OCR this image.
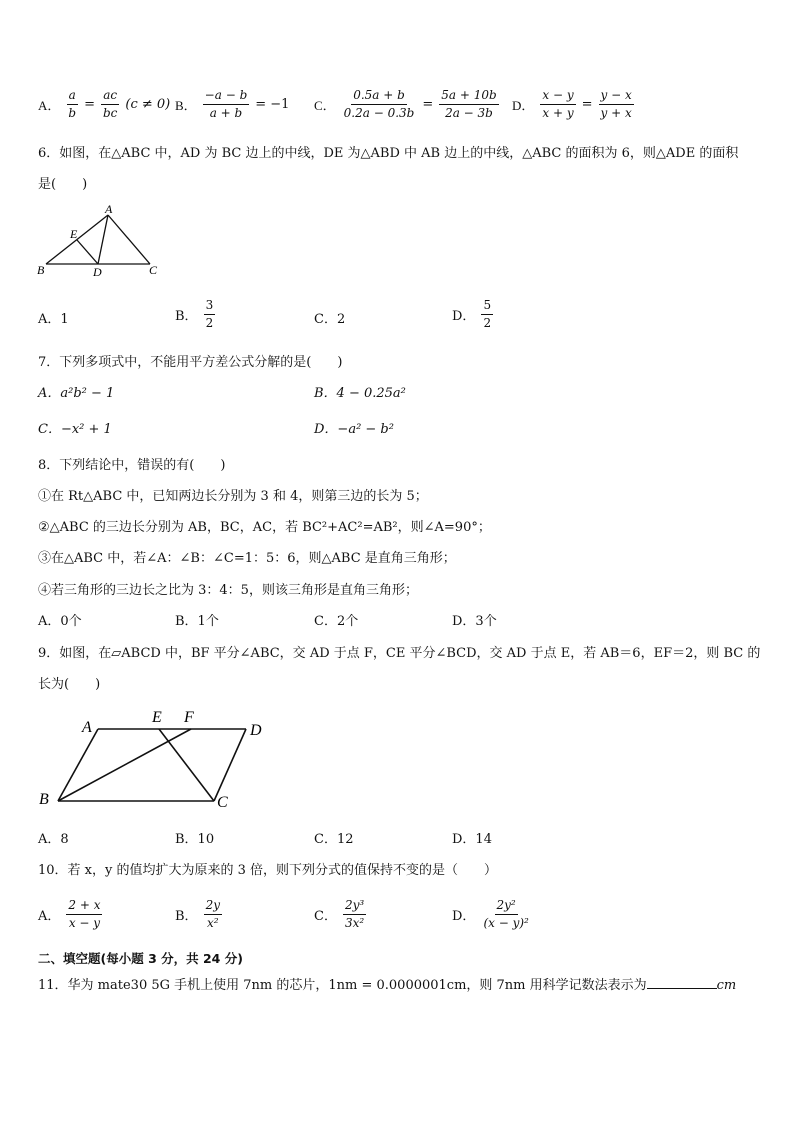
A． $\frac{a}{b} = \frac{ac}{bc} (c \ne 0)$ B． $\frac{-a - b}{a + b} = -1$ C． $\frac{0.5a + b}{0.2a - 0.3b} = \frac{5a + 10b}{2a - 3b}$ D． $\frac{x - y}{x + y} = \frac{y - x}{y + x}$
6．如图，在△ABC 中，AD 为 BC 边上的中线，DE 为△ABD 中 AB 边上的中线，△ABC 的面积为 6，则△ADE 的面积
是(　　)
A
E
B	D	C
A．1	B． $\frac{3}{2}$	C．2	D． $\frac{5}{2}$
7．下列多项式中，不能用平方差公式分解的是(　　)
A．a²b² − 1	B．4 − 0.25a²
C．−x² + 1	D．−a² − b²
8．下列结论中，错误的有(　　)
①在 Rt△ABC 中，已知两边长分别为 3 和 4，则第三边的长为 5；
②△ABC 的三边长分别为 AB，BC，AC，若 BC²+AC²=AB²，则∠A=90°；
③在△ABC 中，若∠A：∠B：∠C=1：5：6，则△ABC 是直角三角形；
④若三角形的三边长之比为 3：4：5，则该三角形是直角三角形；
A．0个	B．1个	C．2个	D．3个
9．如图，在▱ABCD 中，BF 平分∠ABC，交 AD 于点 F，CE 平分∠BCD，交 AD 于点 E，若 AB＝6，EF＝2，则 BC 的
长为(　　)
A
E F
D
B	C
A．8	B．10	C．12	D．14
10．若 x，y 的值均扩大为原来的 3 倍，则下列分式的值保持不变的是（　　）
A． $\frac{2 + x}{x - y}$	B． $\frac{2y}{\text{x²}}$	C． $\frac{\text{2y³}}{\text{3x²}}$	D． $\frac{\text{2y²}}{\text{(x − y)²}}$
二、填空题(每小题 3 分，共 24 分)
11．华为 mate30 5G 手机上使用 7nm 的芯片，1nm = 0.0000001cm，则 7nm 用科学记数法表示为	cm
